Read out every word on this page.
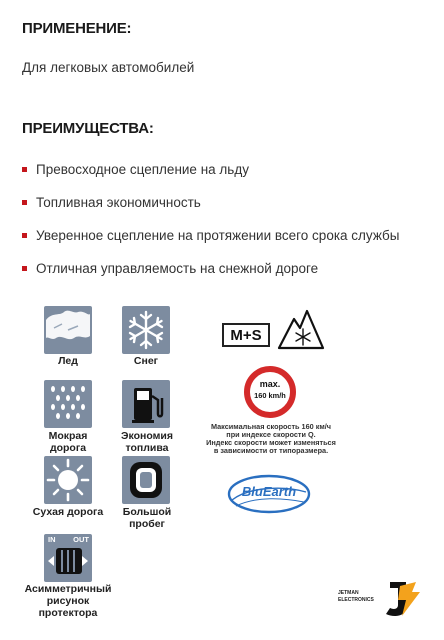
ПРИМЕНЕНИЕ:
Для легковых автомобилей
ПРЕИМУЩЕСТВА:
Превосходное сцепление на льду
Топливная экономичность
Уверенное сцепление на протяжении всего срока службы
Отличная управляемость на снежной дороге
Лед	Снег
Мокрая
дорога
Экономия
топлива
Сухая дорога	Большой
пробег
IN OUT
Асимметричный
рисунок
протектора
M+S
max.
160 km/h
Максимальная скорость 160 км/ч
при индексе скорости Q.
Индекс скорости может изменяться
в зависимости от типоразмера.
BluEarth
JETMAN
ELECTRONICS
